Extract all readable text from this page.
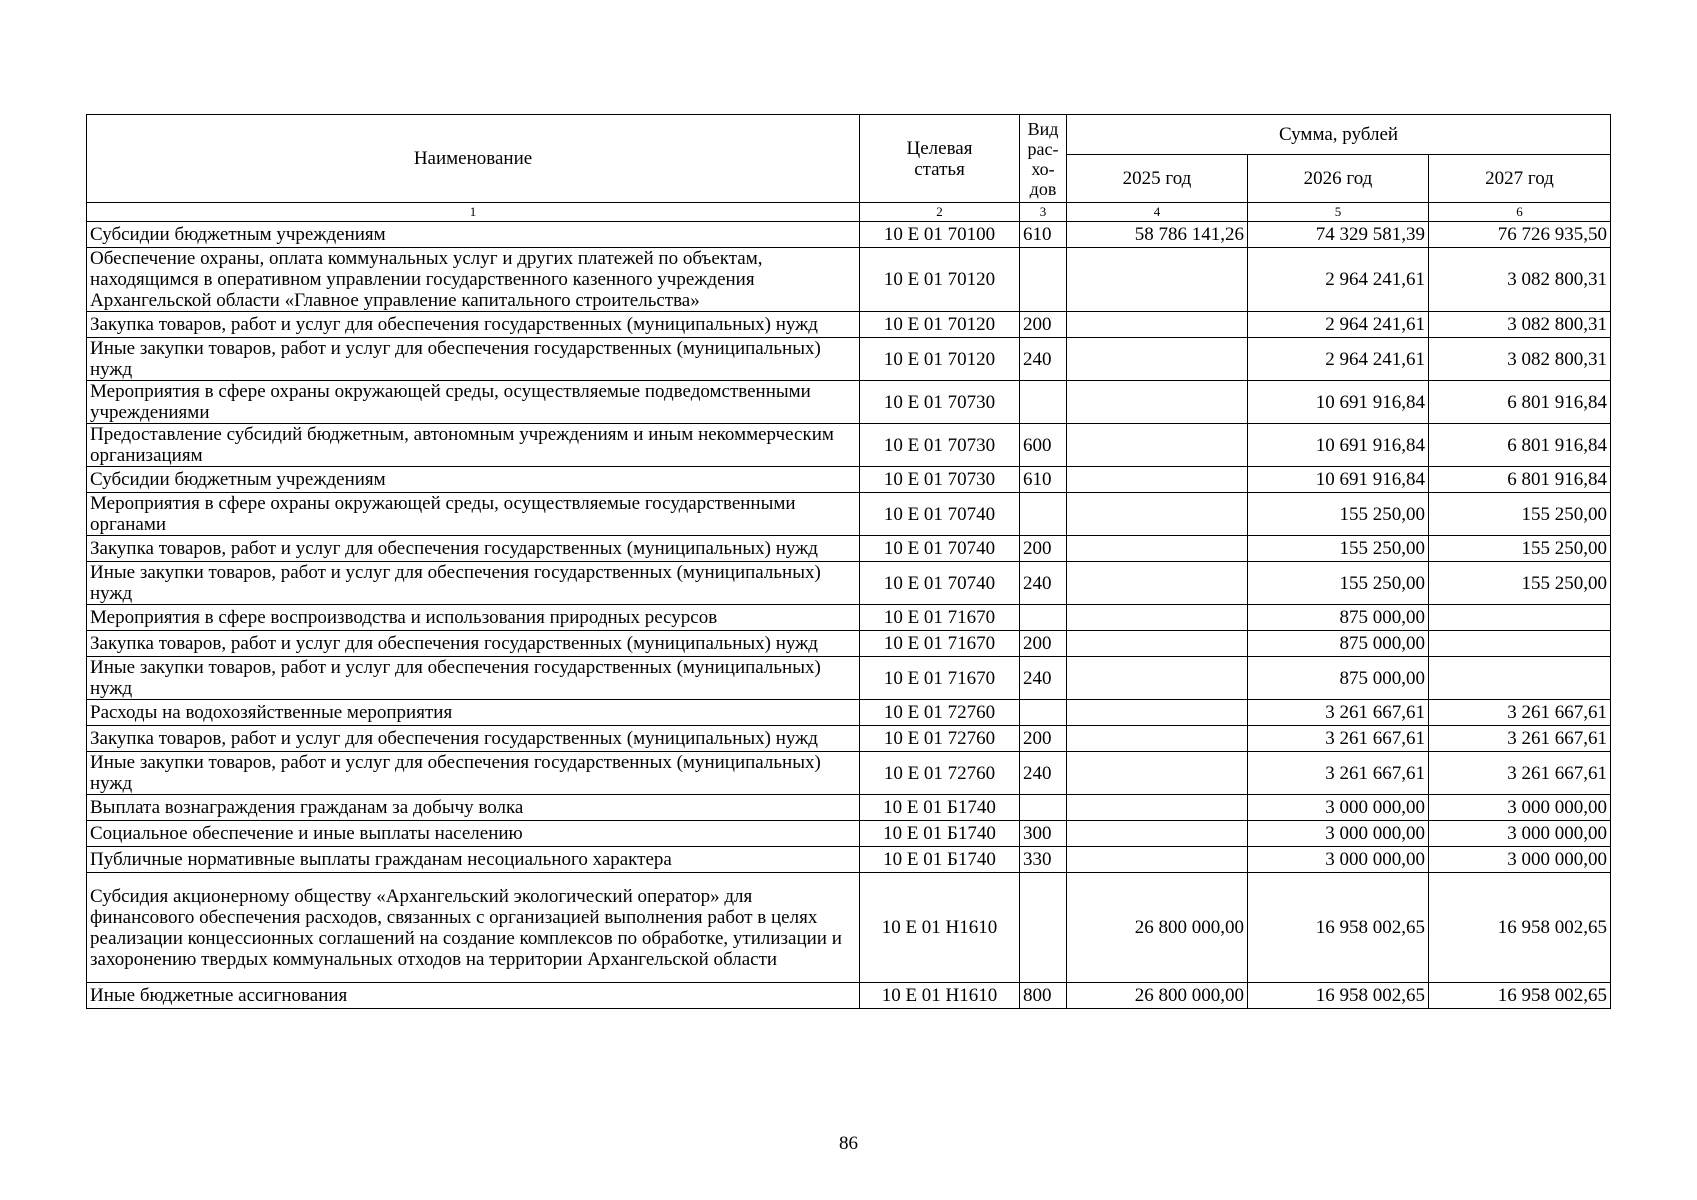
Наименование	Целевая статья	Вид
рас-
хо-
дов	Сумма, рублей		
			2025 год	2026 год	2027 год
1	2	3	4	5	6
Субсидии бюджетным учреждениям	10 Е 01 70100	610	58 786 141,26	74 329 581,39	76 726 935,50
Обеспечение охраны, оплата коммунальных услуг и других платежей по объектам, находящимся в оперативном управлении государственного казенного учреждения Архангельской области «Главное управление капитального строительства»	10 Е 01 70120			2 964 241,61	3 082 800,31
Закупка товаров, работ и услуг для обеспечения государственных (муниципальных) нужд	10 Е 01 70120	200		2 964 241,61	3 082 800,31
Иные закупки товаров, работ и услуг для обеспечения государственных (муниципальных) нужд	10 Е 01 70120	240		2 964 241,61	3 082 800,31
Мероприятия в сфере охраны окружающей среды, осуществляемые подведомственными учреждениями	10 Е 01 70730			10 691 916,84	6 801 916,84
Предоставление субсидий бюджетным, автономным учреждениям и иным некоммерческим организациям	10 Е 01 70730	600		10 691 916,84	6 801 916,84
Субсидии бюджетным учреждениям	10 Е 01 70730	610		10 691 916,84	6 801 916,84
Мероприятия в сфере охраны окружающей среды, осуществляемые государственными органами	10 Е 01 70740			155 250,00	155 250,00
Закупка товаров, работ и услуг для обеспечения государственных (муниципальных) нужд	10 Е 01 70740	200		155 250,00	155 250,00
Иные закупки товаров, работ и услуг для обеспечения государственных (муниципальных) нужд	10 Е 01 70740	240		155 250,00	155 250,00
Мероприятия в сфере воспроизводства и использования природных ресурсов	10 Е 01 71670			875 000,00	
Закупка товаров, работ и услуг для обеспечения государственных (муниципальных) нужд	10 Е 01 71670	200		875 000,00	
Иные закупки товаров, работ и услуг для обеспечения государственных (муниципальных) нужд	10 Е 01 71670	240		875 000,00	
Расходы на водохозяйственные мероприятия	10 Е 01 72760			3 261 667,61	3 261 667,61
Закупка товаров, работ и услуг для обеспечения государственных (муниципальных) нужд	10 Е 01 72760	200		3 261 667,61	3 261 667,61
Иные закупки товаров, работ и услуг для обеспечения государственных (муниципальных) нужд	10 Е 01 72760	240		3 261 667,61	3 261 667,61
Выплата вознаграждения гражданам за добычу волка	10 Е 01 Б1740			3 000 000,00	3 000 000,00
Социальное обеспечение и иные выплаты населению	10 Е 01 Б1740	300		3 000 000,00	3 000 000,00
Публичные нормативные выплаты гражданам несоциального характера	10 Е 01 Б1740	330		3 000 000,00	3 000 000,00
Субсидия акционерному обществу «Архангельский экологический оператор» для финансового обеспечения расходов, связанных с организацией выполнения работ в целях реализации концессионных соглашений на создание комплексов по обработке, утилизации и захоронению твердых коммунальных отходов на территории Архангельской области	10 Е 01 Н1610		26 800 000,00	16 958 002,65	16 958 002,65
Иные бюджетные ассигнования	10 Е 01 Н1610	800	26 800 000,00	16 958 002,65	16 958 002,65
86
